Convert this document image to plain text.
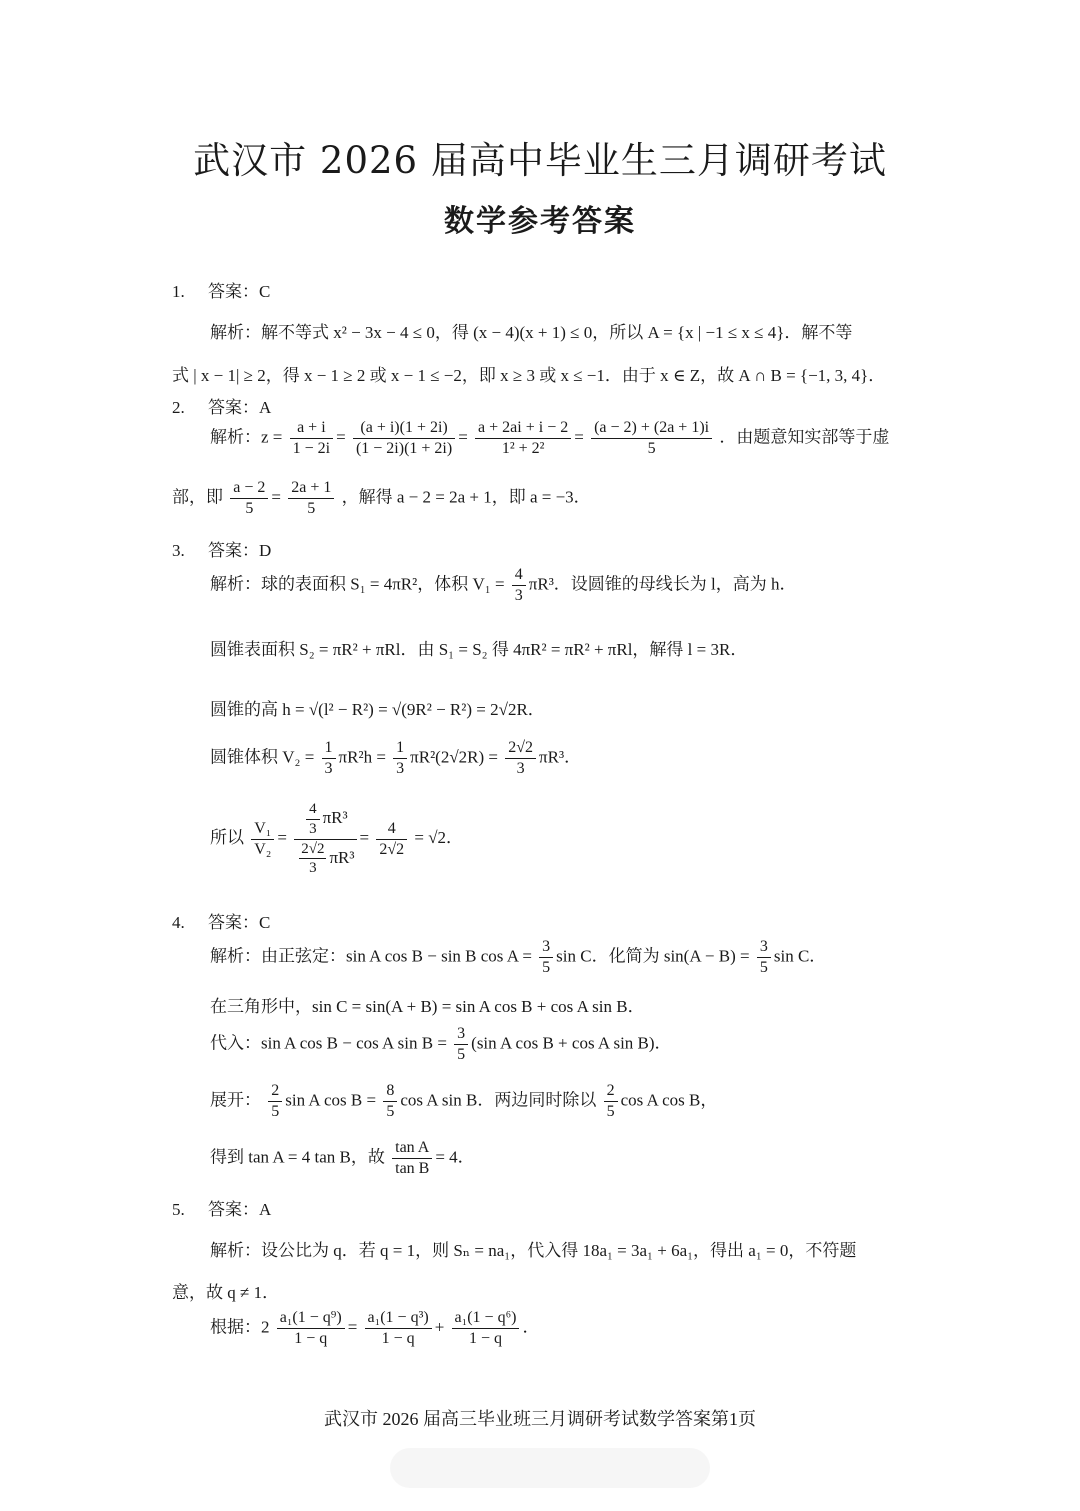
武汉市 2026 届高中毕业生三月调研考试
数学参考答案
1. 答案：C
解析：解不等式 x² − 3x − 4 ≤ 0，得 (x − 4)(x + 1) ≤ 0，所以 A = {x | −1 ≤ x ≤ 4}．解不等
式 | x − 1| ≥ 2，得 x − 1 ≥ 2 或 x − 1 ≤ −2，即 x ≥ 3 或 x ≤ −1．由于 x ∈ Z，故 A ∩ B = {−1, 3, 4}．
2. 答案：A
解析：$z = \frac{a + i}{1 - 2i} = \frac{(a + i)(1 + 2i)}{(1 - 2i)(1 + 2i)} = \frac{a + 2ai + i - 2}{\text{1² + 2²}} = \frac{(a - 2) + (2a + 1)i}{5}$ ．由题意知实部等于虚
部，即 $\frac{a - 2}{5} = \frac{2a + 1}{5}$ ，解得 a − 2 = 2a + 1，即 a = −3．
3. 答案：D
解析：球的表面积 S₁ = 4πR²，体积 $V_1 = \frac{4}{3} \pi R^3$．设圆锥的母线长为 l，高为 h．
圆锥表面积 S₂ = πR² + πRl．由 S₁ = S₂ 得 4πR² = πR² + πRl，解得 l = 3R．
圆锥的高 h = √(l² − R²) = √(9R² − R²) = 2√2R．
圆锥体积 $V_2 = \frac{1}{3} \pi R^2h = \frac{1}{3} \pi R^2(2√2R) = \frac{2√2}{3} \pi R^3$．
所以 $\frac{\text{V₁}}{\text{V₂}} = \frac{\frac{4}{3} \pi R^3}{\frac{2√2}{3} \pi R^3} = \frac{4}{2√2} = √2$．
4. 答案：C
解析：由正弦定：sin A cos B − sin B $\cos A = \frac{3}{5}$ sin C．化简为 $\sin(A - B) = \frac{3}{5}$ sin C．
在三角形中，sin C = sin(A + B) = sin A cos B + cos A sin B．
代入：sin A cos B − cos A $\sin B = \frac{3}{5} (\sin$ A cos B + cos A sin B)．
展开： $\frac{2}{5}$ sin A $\cos B = \frac{8}{5}$ cos A sin B．两边同时除以 $\frac{2}{5}$ cos A cos B，
得到 tan A = 4 tan B，故 $\frac{\text{tan A}}{\text{tan B}} = 4$．
5. 答案：A
解析：设公比为 q．若 q = 1，则 Sₙ = na₁，代入得 18a₁ = 3a₁ + 6a₁，得出 a₁ = 0，不符题
意，故 q ≠ 1．
根据：$2 \frac{\text{a₁(1 − q⁹)}}{1 - q} = \frac{\text{a₁(1 − q³)}}{1 - q} + \frac{\text{a₁(1 − q⁶)}}{1 - q}$ ．
武汉市 2026 届高三毕业班三月调研考试数学答案第1页
